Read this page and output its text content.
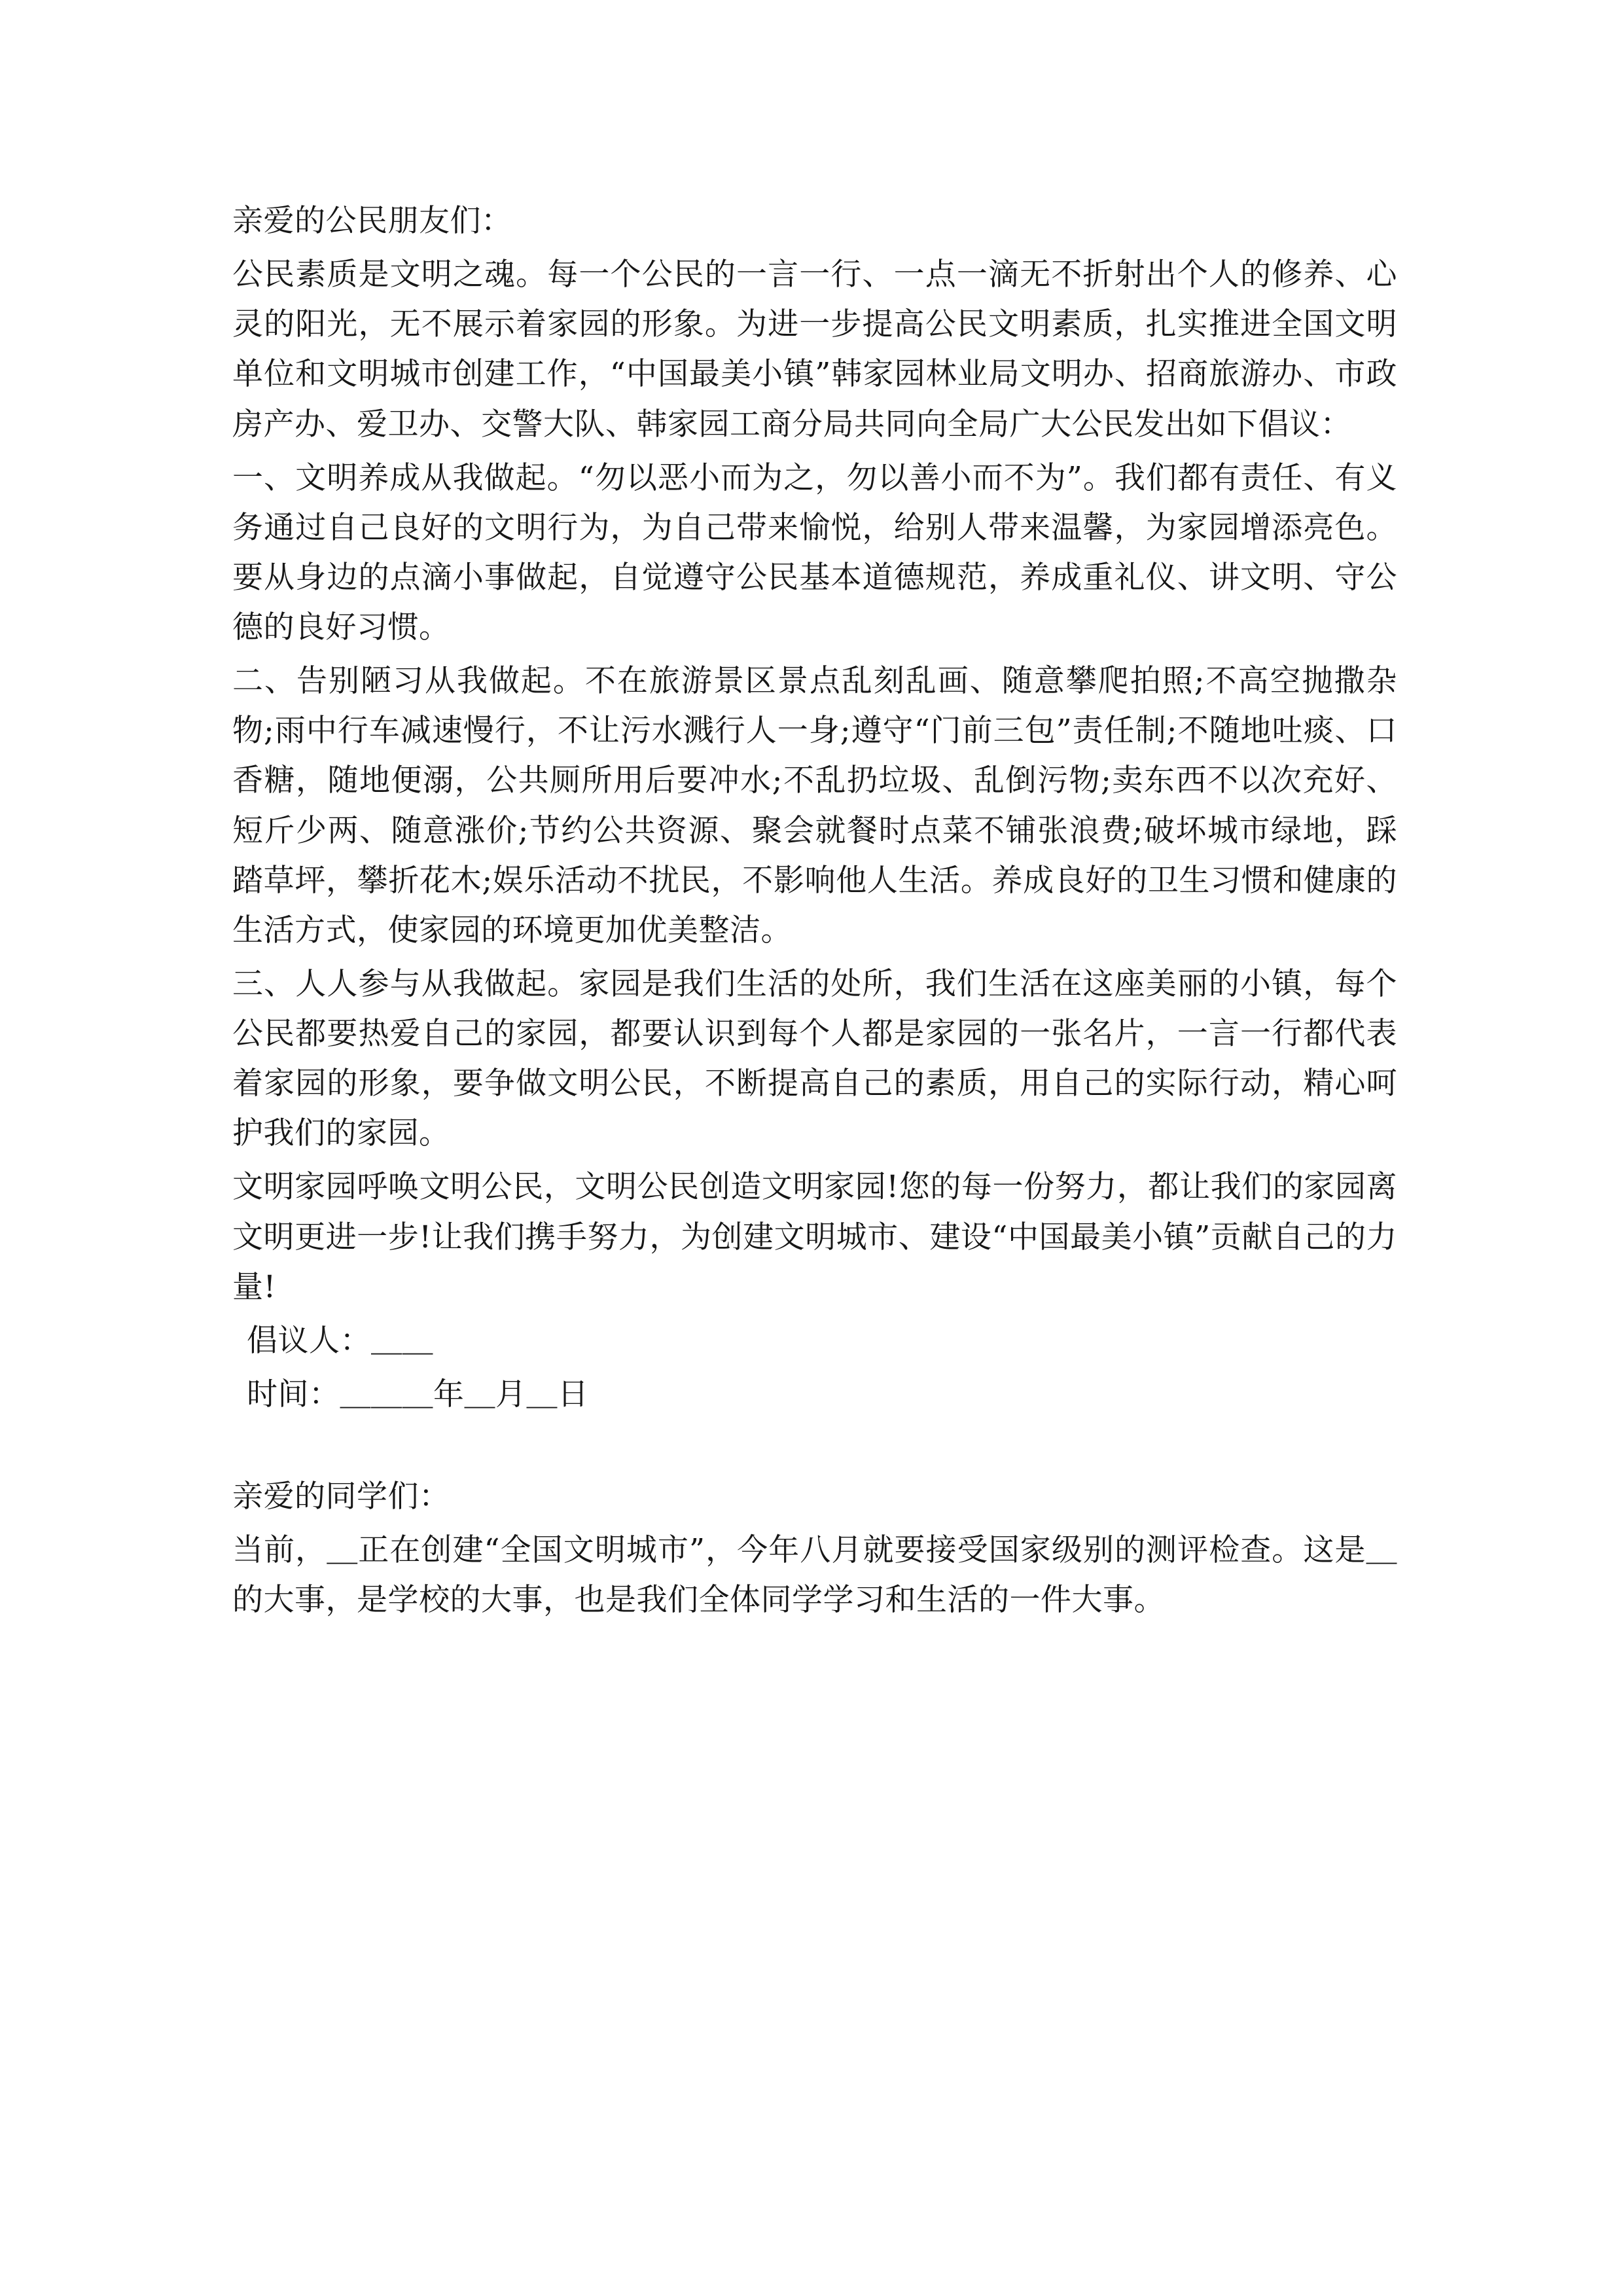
亲爱的公民朋友们：

公民素质是文明之魂。每一个公民的一言一行、一点一滴无不折射出个人的修养、心灵的阳光，无不展示着家园的形象。为进一步提高公民文明素质，扎实推进全国文明单位和文明城市创建工作，“中国最美小镇”韩家园林业局文明办、招商旅游办、市政房产办、爱卫办、交警大队、韩家园工商分局共同向全局广大公民发出如下倡议：

一、文明养成从我做起。“勿以恶小而为之，勿以善小而不为”。我们都有责任、有义务通过自己良好的文明行为，为自己带来愉悦，给别人带来温馨，为家园增添亮色。要从身边的点滴小事做起，自觉遵守公民基本道德规范，养成重礼仪、讲文明、守公德的良好习惯。

二、告别陋习从我做起。不在旅游景区景点乱刻乱画、随意攀爬拍照;不高空抛撒杂物;雨中行车减速慢行，不让污水溅行人一身;遵守“门前三包”责任制;不随地吐痰、口香糖，随地便溺，公共厕所用后要冲水;不乱扔垃圾、乱倒污物;卖东西不以次充好、短斤少两、随意涨价;节约公共资源、聚会就餐时点菜不铺张浪费;破坏城市绿地，踩踏草坪，攀折花木;娱乐活动不扰民，不影响他人生活。养成良好的卫生习惯和健康的生活方式，使家园的环境更加优美整洁。

三、人人参与从我做起。家园是我们生活的处所，我们生活在这座美丽的小镇，每个公民都要热爱自己的家园，都要认识到每个人都是家园的一张名片，一言一行都代表着家园的形象，要争做文明公民，不断提高自己的素质，用自己的实际行动，精心呵护我们的家园。

文明家园呼唤文明公民，文明公民创造文明家园!您的每一份努力，都让我们的家园离文明更进一步!让我们携手努力，为创建文明城市、建设“中国最美小镇”贡献自己的力量!

倡议人：＿＿

时间：＿＿＿年＿月＿日

亲爱的同学们：

当前，＿正在创建“全国文明城市”，今年八月就要接受国家级别的测评检查。这是＿的大事，是学校的大事，也是我们全体同学学习和生活的一件大事。
